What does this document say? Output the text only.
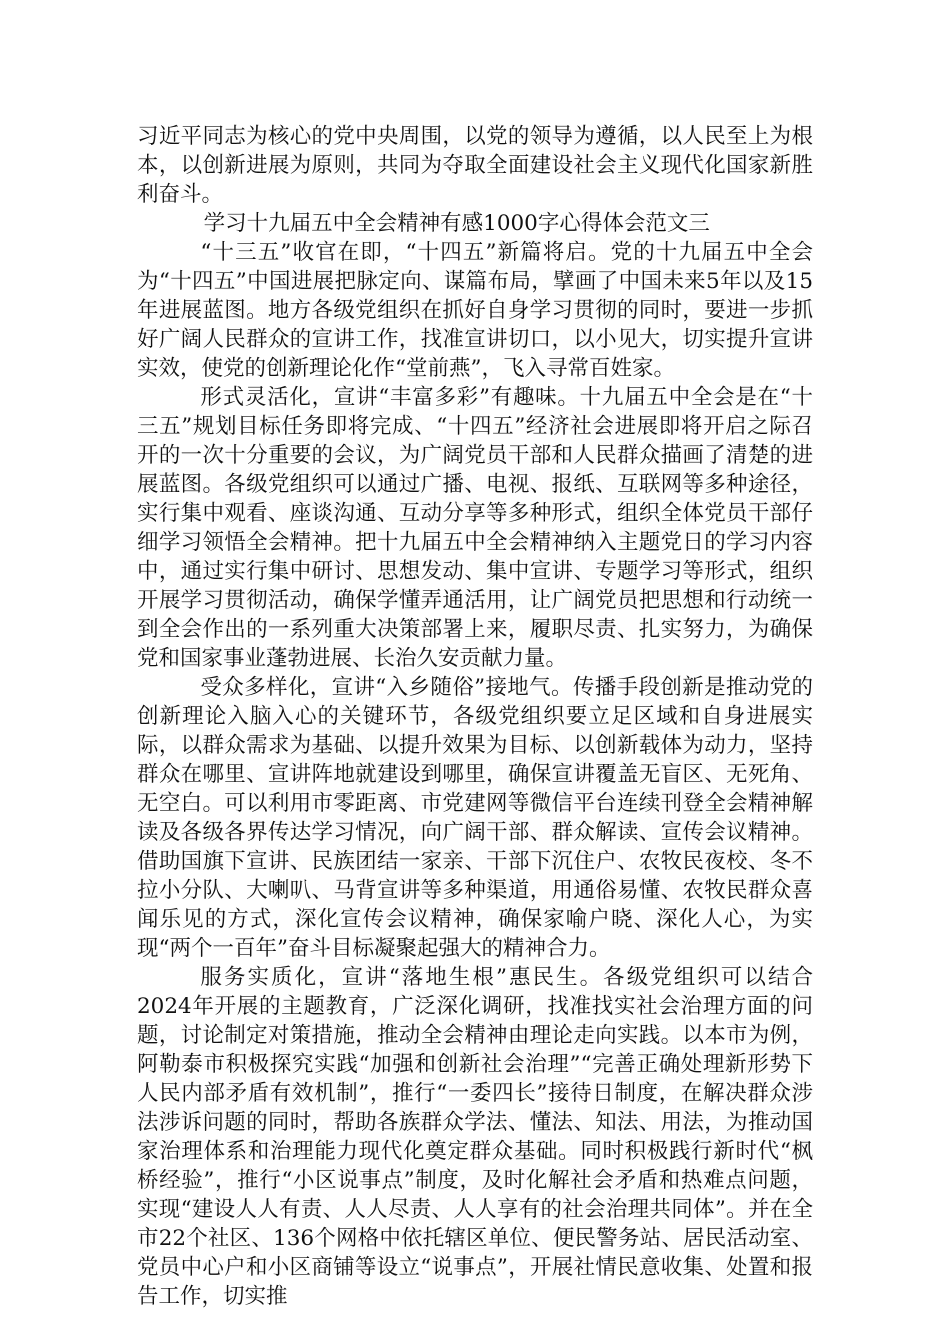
习近平同志为核心的党中央周围，以党的领导为遵循，以人民至上为根本，以创新进展为原则，共同为夺取全面建设社会主义现代化国家新胜利奋斗。

学习十九届五中全会精神有感1000字心得体会范文三

“十三五”收官在即，“十四五”新篇将启。党的十九届五中全会为“十四五”中国进展把脉定向、谋篇布局，擘画了中国未来5年以及15年进展蓝图。地方各级党组织在抓好自身学习贯彻的同时，要进一步抓好广阔人民群众的宣讲工作，找准宣讲切口，以小见大，切实提升宣讲实效，使党的创新理论化作“堂前燕”，飞入寻常百姓家。

形式灵活化，宣讲“丰富多彩”有趣味。十九届五中全会是在“十三五”规划目标任务即将完成、“十四五”经济社会进展即将开启之际召开的一次十分重要的会议，为广阔党员干部和人民群众描画了清楚的进展蓝图。各级党组织可以通过广播、电视、报纸、互联网等多种途径，实行集中观看、座谈沟通、互动分享等多种形式，组织全体党员干部仔细学习领悟全会精神。把十九届五中全会精神纳入主题党日的学习内容中，通过实行集中研讨、思想发动、集中宣讲、专题学习等形式，组织开展学习贯彻活动，确保学懂弄通活用，让广阔党员把思想和行动统一到全会作出的一系列重大决策部署上来，履职尽责、扎实努力，为确保党和国家事业蓬勃进展、长治久安贡献力量。

受众多样化，宣讲“入乡随俗”接地气。传播手段创新是推动党的创新理论入脑入心的关键环节，各级党组织要立足区域和自身进展实际，以群众需求为基础、以提升效果为目标、以创新载体为动力，坚持群众在哪里、宣讲阵地就建设到哪里，确保宣讲覆盖无盲区、无死角、无空白。可以利用市零距离、市党建网等微信平台连续刊登全会精神解读及各级各界传达学习情况，向广阔干部、群众解读、宣传会议精神。借助国旗下宣讲、民族团结一家亲、干部下沉住户、农牧民夜校、冬不拉小分队、大喇叭、马背宣讲等多种渠道，用通俗易懂、农牧民群众喜闻乐见的方式，深化宣传会议精神，确保家喻户晓、深化人心，为实现“两个一百年”奋斗目标凝聚起强大的精神合力。

服务实质化，宣讲“落地生根”惠民生。各级党组织可以结合2024年开展的主题教育，广泛深化调研，找准找实社会治理方面的问题，讨论制定对策措施，推动全会精神由理论走向实践。以本市为例，阿勒泰市积极探究实践“加强和创新社会治理”“完善正确处理新形势下人民内部矛盾有效机制”，推行“一委四长”接待日制度，在解决群众涉法涉诉问题的同时，帮助各族群众学法、懂法、知法、用法，为推动国家治理体系和治理能力现代化奠定群众基础。同时积极践行新时代“枫桥经验”，推行“小区说事点”制度，及时化解社会矛盾和热难点问题，实现“建设人人有责、人人尽责、人人享有的社会治理共同体”。并在全市22个社区、136个网格中依托辖区单位、便民警务站、居民活动室、党员中心户和小区商铺等设立“说事点”，开展社情民意收集、处置和报告工作，切实推
